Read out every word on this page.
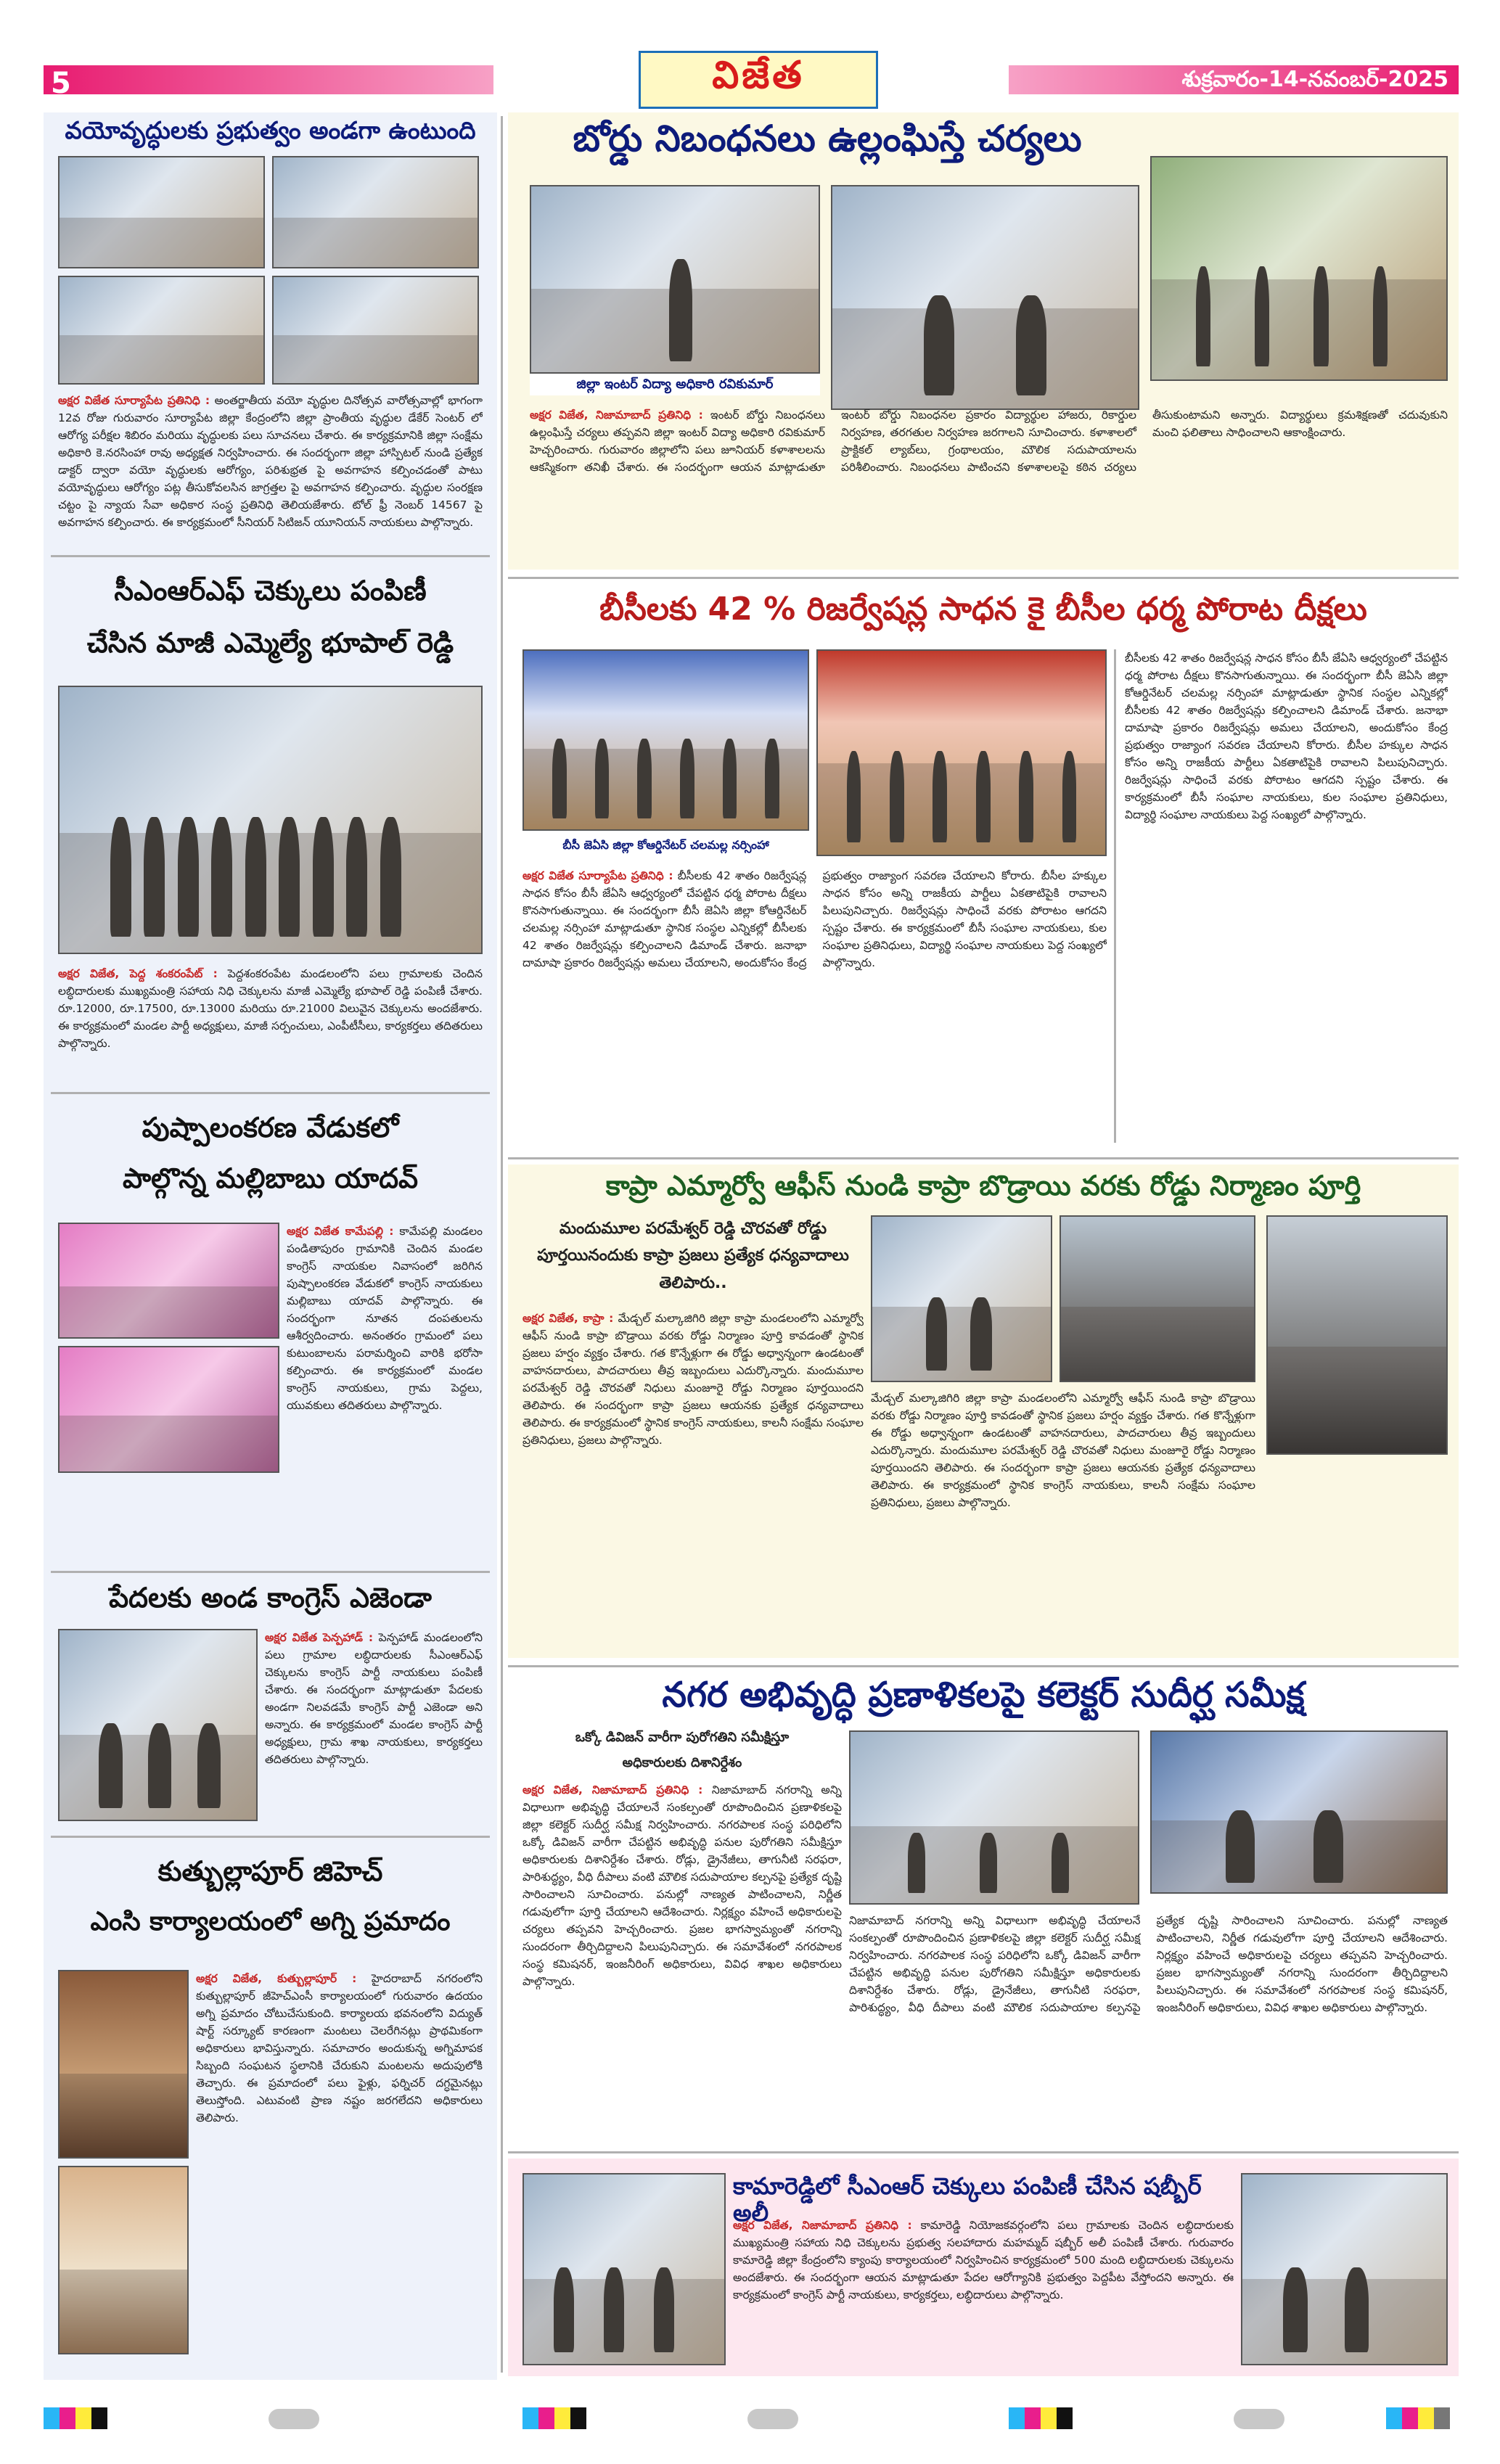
5	విజేత	శుక్రవారం-14-నవంబర్-2025
వయోవృద్ధులకు ప్రభుత్వం అండగా ఉంటుంది

అక్షర విజేత సూర్యాపేట ప్రతినిధి : అంతర్జాతీయ వయో వృద్ధుల దినోత్సవ వారోత్సవాల్లో భాగంగా 12వ రోజు గురువారం సూర్యాపేట జిల్లా కేంద్రంలోని జిల్లా ప్రాంతీయ వృద్ధుల డేకేర్ సెంటర్ లో ఆరోగ్య పరీక్షల శిబిరం మరియు వృద్ధులకు పలు సూచనలు చేశారు. ఈ కార్యక్రమానికి జిల్లా సంక్షేమ అధికారి కె.నరసింహా రావు అధ్యక్షత నిర్వహించారు. ఈ సందర్భంగా జిల్లా హాస్పిటల్ నుండి ప్రత్యేక డాక్టర్ ద్వారా వయో వృద్ధులకు ఆరోగ్యం, పరిశుభ్రత పై అవగాహన కల్పించడంతో పాటు వయోవృద్ధులు ఆరోగ్యం పట్ల తీసుకోవలసిన జాగ్రత్తల పై అవగాహన కల్పించారు. వృద్ధుల సంరక్షణ చట్టం పై న్యాయ సేవా అధికార సంస్థ ప్రతినిధి తెలియజేశారు. టోల్ ఫ్రీ నెంబర్ 14567 పై అవగాహన కల్పించారు. ఈ కార్యక్రమంలో సీనియర్ సిటిజన్ యూనియన్ నాయకులు పాల్గొన్నారు.

సీఎంఆర్ఎఫ్ చెక్కులు పంపిణీ
చేసిన మాజీ ఎమ్మెల్యే భూపాల్ రెడ్డి

అక్షర విజేత, పెద్ద శంకరంపేట్ : పెద్దశంకరంపేట మండలంలోని పలు గ్రామాలకు చెందిన లబ్ధిదారులకు ముఖ్యమంత్రి సహాయ నిధి చెక్కులను మాజీ ఎమ్మెల్యే భూపాల్ రెడ్డి పంపిణీ చేశారు. రూ.12000, రూ.17500, రూ.13000 మరియు రూ.21000 విలువైన చెక్కులను అందజేశారు. ఈ కార్యక్రమంలో మండల పార్టీ అధ్యక్షులు, మాజీ సర్పంచులు, ఎంపీటీసీలు, కార్యకర్తలు తదితరులు పాల్గొన్నారు.

పుష్పాలంకరణ వేడుకలో
పాల్గొన్న మల్లిబాబు యాదవ్

అక్షర విజేత కామేపల్లి : కామేపల్లి మండలం పండితాపురం గ్రామానికి చెందిన మండల కాంగ్రెస్ నాయకుల నివాసంలో జరిగిన పుష్పాలంకరణ వేడుకలో కాంగ్రెస్ నాయకులు మల్లిబాబు యాదవ్ పాల్గొన్నారు. ఈ సందర్భంగా నూతన దంపతులను ఆశీర్వదించారు. అనంతరం గ్రామంలో పలు కుటుంబాలను పరామర్శించి వారికి భరోసా కల్పించారు. ఈ కార్యక్రమంలో మండల కాంగ్రెస్ నాయకులు, గ్రామ పెద్దలు, యువకులు తదితరులు పాల్గొన్నారు.

పేదలకు అండ కాంగ్రెస్ ఎజెండా

అక్షర విజేత పెన్పహాడ్ : పెన్పహాడ్ మండలంలోని పలు గ్రామాల లబ్ధిదారులకు సీఎంఆర్ఎఫ్ చెక్కులను కాంగ్రెస్ పార్టీ నాయకులు పంపిణీ చేశారు. ఈ సందర్భంగా మాట్లాడుతూ పేదలకు అండగా నిలవడమే కాంగ్రెస్ పార్టీ ఎజెండా అని అన్నారు. ఈ కార్యక్రమంలో మండల కాంగ్రెస్ పార్టీ అధ్యక్షులు, గ్రామ శాఖ నాయకులు, కార్యకర్తలు తదితరులు పాల్గొన్నారు.

కుత్బుల్లాపూర్ జిహెచ్
ఎంసి కార్యాలయంలో అగ్ని ప్రమాదం

అక్షర విజేత, కుత్బుల్లాపూర్ : హైదరాబాద్ నగరంలోని కుత్బుల్లాపూర్ జీహెచ్ఎంసీ కార్యాలయంలో గురువారం ఉదయం అగ్ని ప్రమాదం చోటుచేసుకుంది. కార్యాలయ భవనంలోని విద్యుత్ షార్ట్ సర్క్యూట్ కారణంగా మంటలు చెలరేగినట్లు ప్రాథమికంగా అధికారులు భావిస్తున్నారు. సమాచారం అందుకున్న అగ్నిమాపక సిబ్బంది సంఘటన స్థలానికి చేరుకుని మంటలను అదుపులోకి తెచ్చారు. ఈ ప్రమాదంలో పలు ఫైళ్లు, ఫర్నిచర్ దగ్ధమైనట్లు తెలుస్తోంది. ఎటువంటి ప్రాణ నష్టం జరగలేదని అధికారులు తెలిపారు.

బోర్డు నిబంధనలు ఉల్లంఘిస్తే చర్యలు
జిల్లా ఇంటర్ విద్యా అధికారి రవికుమార్

అక్షర విజేత, నిజామాబాద్ ప్రతినిధి : ఇంటర్ బోర్డు నిబంధనలు ఉల్లంఘిస్తే చర్యలు తప్పవని జిల్లా ఇంటర్ విద్యా అధికారి రవికుమార్ హెచ్చరించారు. గురువారం జిల్లాలోని పలు జూనియర్ కళాశాలలను ఆకస్మికంగా తనిఖీ చేశారు. ఈ సందర్భంగా ఆయన మాట్లాడుతూ ఇంటర్ బోర్డు నిబంధనల ప్రకారం విద్యార్థుల హాజరు, రికార్డుల నిర్వహణ, తరగతుల నిర్వహణ జరగాలని సూచించారు. కళాశాలలో ప్రాక్టికల్ ల్యాబ్‌లు, గ్రంథాలయం, మౌలిక సదుపాయాలను పరిశీలించారు. నిబంధనలు పాటించని కళాశాలలపై కఠిన చర్యలు తీసుకుంటామని అన్నారు. విద్యార్థులు క్రమశిక్షణతో చదువుకుని మంచి ఫలితాలు సాధించాలని ఆకాంక్షించారు.

బీసీలకు 42 % రిజర్వేషన్ల సాధన కై బీసీల ధర్మ పోరాట దీక్షలు
బీసీ జెఏసి జిల్లా కోఆర్డినేటర్ చలమల్ల నర్సింహా

అక్షర విజేత సూర్యాపేట ప్రతినిధి : బీసీలకు 42 శాతం రిజర్వేషన్ల సాధన కోసం బీసీ జేఏసి ఆధ్వర్యంలో చేపట్టిన ధర్మ పోరాట దీక్షలు కొనసాగుతున్నాయి. ఈ సందర్భంగా బీసీ జెఏసి జిల్లా కోఆర్డినేటర్ చలమల్ల నర్సింహా మాట్లాడుతూ స్థానిక సంస్థల ఎన్నికల్లో బీసీలకు 42 శాతం రిజర్వేషన్లు కల్పించాలని డిమాండ్ చేశారు. జనాభా దామాషా ప్రకారం రిజర్వేషన్లు అమలు చేయాలని, అందుకోసం కేంద్ర ప్రభుత్వం రాజ్యాంగ సవరణ చేయాలని కోరారు. బీసీల హక్కుల సాధన కోసం అన్ని రాజకీయ పార్టీలు ఏకతాటిపైకి రావాలని పిలుపునిచ్చారు. రిజర్వేషన్లు సాధించే వరకు పోరాటం ఆగదని స్పష్టం చేశారు. ఈ కార్యక్రమంలో బీసీ సంఘాల నాయకులు, కుల సంఘాల ప్రతినిధులు, విద్యార్థి సంఘాల నాయకులు పెద్ద సంఖ్యలో పాల్గొన్నారు.

బీసీలకు 42 శాతం రిజర్వేషన్ల సాధన కోసం బీసీ జేఏసి ఆధ్వర్యంలో చేపట్టిన ధర్మ పోరాట దీక్షలు కొనసాగుతున్నాయి. ఈ సందర్భంగా బీసీ జెఏసి జిల్లా కోఆర్డినేటర్ చలమల్ల నర్సింహా మాట్లాడుతూ స్థానిక సంస్థల ఎన్నికల్లో బీసీలకు 42 శాతం రిజర్వేషన్లు కల్పించాలని డిమాండ్ చేశారు. జనాభా దామాషా ప్రకారం రిజర్వేషన్లు అమలు చేయాలని, అందుకోసం కేంద్ర ప్రభుత్వం రాజ్యాంగ సవరణ చేయాలని కోరారు. బీసీల హక్కుల సాధన కోసం అన్ని రాజకీయ పార్టీలు ఏకతాటిపైకి రావాలని పిలుపునిచ్చారు. రిజర్వేషన్లు సాధించే వరకు పోరాటం ఆగదని స్పష్టం చేశారు. ఈ కార్యక్రమంలో బీసీ సంఘాల నాయకులు, కుల సంఘాల ప్రతినిధులు, విద్యార్థి సంఘాల నాయకులు పెద్ద సంఖ్యలో పాల్గొన్నారు.

కాప్రా ఎమ్మార్వో ఆఫీస్ నుండి కాప్రా బొడ్రాయి వరకు రోడ్డు నిర్మాణం పూర్తి
మందుమూల పరమేశ్వర్ రెడ్డి చొరవతో రోడ్డు పూర్తయినందుకు కాప్రా ప్రజలు ప్రత్యేక ధన్యవాదాలు తెలిపారు..

అక్షర విజేత, కాప్రా : మేడ్చల్ మల్కాజిగిరి జిల్లా కాప్రా మండలంలోని ఎమ్మార్వో ఆఫీస్ నుండి కాప్రా బొడ్రాయి వరకు రోడ్డు నిర్మాణం పూర్తి కావడంతో స్థానిక ప్రజలు హర్షం వ్యక్తం చేశారు. గత కొన్నేళ్లుగా ఈ రోడ్డు అధ్వాన్నంగా ఉండటంతో వాహనదారులు, పాదచారులు తీవ్ర ఇబ్బందులు ఎదుర్కొన్నారు. మందుమూల పరమేశ్వర్ రెడ్డి చొరవతో నిధులు మంజూరై రోడ్డు నిర్మాణం పూర్తయిందని తెలిపారు. ఈ సందర్భంగా కాప్రా ప్రజలు ఆయనకు ప్రత్యేక ధన్యవాదాలు తెలిపారు. ఈ కార్యక్రమంలో స్థానిక కాంగ్రెస్ నాయకులు, కాలనీ సంక్షేమ సంఘాల ప్రతినిధులు, ప్రజలు పాల్గొన్నారు.

మేడ్చల్ మల్కాజిగిరి జిల్లా కాప్రా మండలంలోని ఎమ్మార్వో ఆఫీస్ నుండి కాప్రా బొడ్రాయి వరకు రోడ్డు నిర్మాణం పూర్తి కావడంతో స్థానిక ప్రజలు హర్షం వ్యక్తం చేశారు. గత కొన్నేళ్లుగా ఈ రోడ్డు అధ్వాన్నంగా ఉండటంతో వాహనదారులు, పాదచారులు తీవ్ర ఇబ్బందులు ఎదుర్కొన్నారు. మందుమూల పరమేశ్వర్ రెడ్డి చొరవతో నిధులు మంజూరై రోడ్డు నిర్మాణం పూర్తయిందని తెలిపారు. ఈ సందర్భంగా కాప్రా ప్రజలు ఆయనకు ప్రత్యేక ధన్యవాదాలు తెలిపారు. ఈ కార్యక్రమంలో స్థానిక కాంగ్రెస్ నాయకులు, కాలనీ సంక్షేమ సంఘాల ప్రతినిధులు, ప్రజలు పాల్గొన్నారు.

నగర అభివృద్ధి ప్రణాళికలపై కలెక్టర్ సుదీర్ఘ సమీక్ష
ఒక్కో డివిజన్ వారీగా పురోగతిని సమీక్షిస్తూ
అధికారులకు దిశానిర్దేశం

అక్షర విజేత, నిజామాబాద్ ప్రతినిధి : నిజామాబాద్ నగరాన్ని అన్ని విధాలుగా అభివృద్ధి చేయాలనే సంకల్పంతో రూపొందించిన ప్రణాళికలపై జిల్లా కలెక్టర్ సుదీర్ఘ సమీక్ష నిర్వహించారు. నగరపాలక సంస్థ పరిధిలోని ఒక్కో డివిజన్ వారీగా చేపట్టిన అభివృద్ధి పనుల పురోగతిని సమీక్షిస్తూ అధికారులకు దిశానిర్దేశం చేశారు. రోడ్లు, డ్రైనేజీలు, తాగునీటి సరఫరా, పారిశుద్ధ్యం, వీధి దీపాలు వంటి మౌలిక సదుపాయాల కల్పనపై ప్రత్యేక దృష్టి సారించాలని సూచించారు. పనుల్లో నాణ్యత పాటించాలని, నిర్ణీత గడువులోగా పూర్తి చేయాలని ఆదేశించారు. నిర్లక్ష్యం వహించే అధికారులపై చర్యలు తప్పవని హెచ్చరించారు. ప్రజల భాగస్వామ్యంతో నగరాన్ని సుందరంగా తీర్చిదిద్దాలని పిలుపునిచ్చారు. ఈ సమావేశంలో నగరపాలక సంస్థ కమిషనర్, ఇంజనీరింగ్ అధికారులు, వివిధ శాఖల అధికారులు పాల్గొన్నారు.

నిజామాబాద్ నగరాన్ని అన్ని విధాలుగా అభివృద్ధి చేయాలనే సంకల్పంతో రూపొందించిన ప్రణాళికలపై జిల్లా కలెక్టర్ సుదీర్ఘ సమీక్ష నిర్వహించారు. నగరపాలక సంస్థ పరిధిలోని ఒక్కో డివిజన్ వారీగా చేపట్టిన అభివృద్ధి పనుల పురోగతిని సమీక్షిస్తూ అధికారులకు దిశానిర్దేశం చేశారు. రోడ్లు, డ్రైనేజీలు, తాగునీటి సరఫరా, పారిశుద్ధ్యం, వీధి దీపాలు వంటి మౌలిక సదుపాయాల కల్పనపై ప్రత్యేక దృష్టి సారించాలని సూచించారు. పనుల్లో నాణ్యత పాటించాలని, నిర్ణీత గడువులోగా పూర్తి చేయాలని ఆదేశించారు. నిర్లక్ష్యం వహించే అధికారులపై చర్యలు తప్పవని హెచ్చరించారు. ప్రజల భాగస్వామ్యంతో నగరాన్ని సుందరంగా తీర్చిదిద్దాలని పిలుపునిచ్చారు. ఈ సమావేశంలో నగరపాలక సంస్థ కమిషనర్, ఇంజనీరింగ్ అధికారులు, వివిధ శాఖల అధికారులు పాల్గొన్నారు.

కామారెడ్డిలో సీఎంఆర్ చెక్కులు పంపిణీ చేసిన షబ్బీర్ అలీ

అక్షర విజేత, నిజామాబాద్ ప్రతినిధి : కామారెడ్డి నియోజకవర్గంలోని పలు గ్రామాలకు చెందిన లబ్ధిదారులకు ముఖ్యమంత్రి సహాయ నిధి చెక్కులను ప్రభుత్వ సలహాదారు మహమ్మద్ షబ్బీర్ అలీ పంపిణీ చేశారు. గురువారం కామారెడ్డి జిల్లా కేంద్రంలోని క్యాంపు కార్యాలయంలో నిర్వహించిన కార్యక్రమంలో 500 మంది లబ్ధిదారులకు చెక్కులను అందజేశారు. ఈ సందర్భంగా ఆయన మాట్లాడుతూ పేదల ఆరోగ్యానికి ప్రభుత్వం పెద్దపీట వేస్తోందని అన్నారు. ఈ కార్యక్రమంలో కాంగ్రెస్ పార్టీ నాయకులు, కార్యకర్తలు, లబ్ధిదారులు పాల్గొన్నారు.
